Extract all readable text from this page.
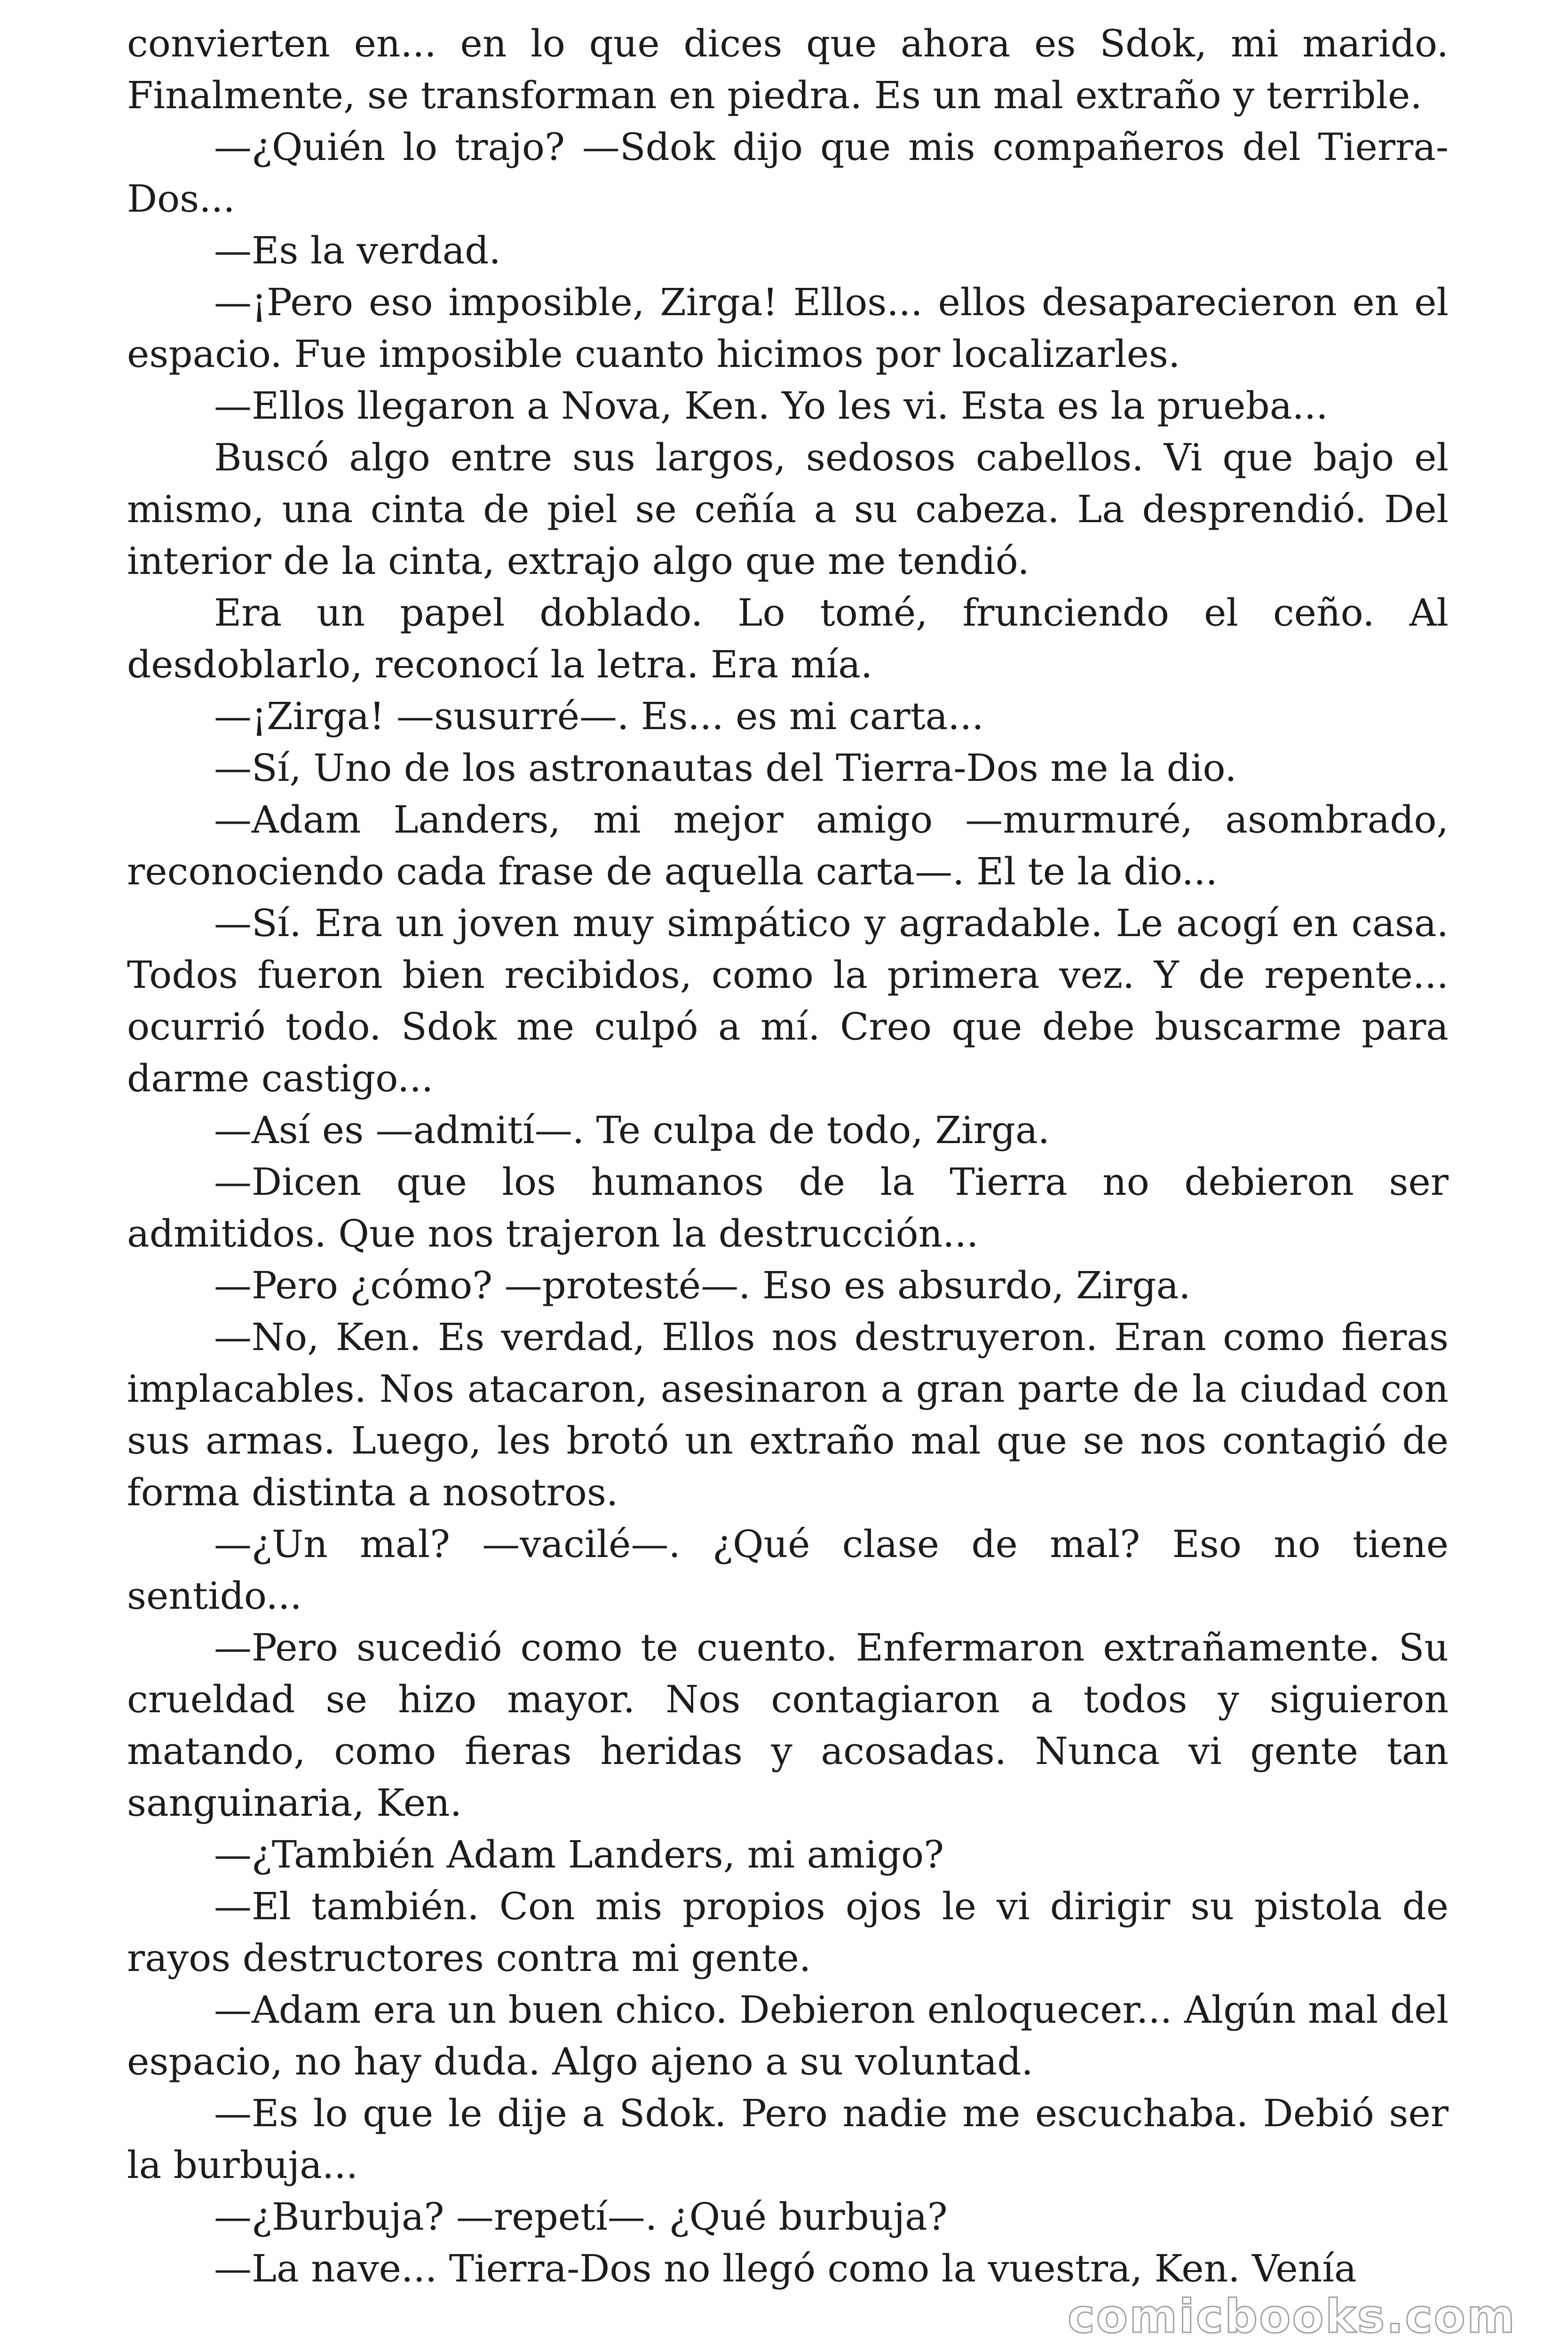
convierten en... en lo que dices que ahora es Sdok, mi marido. Finalmente, se transforman en piedra. Es un mal extraño y terrible.

—¿Quién lo trajo? —Sdok dijo que mis compañeros del Tierra-Dos...

—Es la verdad.

—¡Pero eso imposible, Zirga! Ellos... ellos desaparecieron en el espacio. Fue imposible cuanto hicimos por localizarles.

—Ellos llegaron a Nova, Ken. Yo les vi. Esta es la prueba...

Buscó algo entre sus largos, sedosos cabellos. Vi que bajo el mismo, una cinta de piel se ceñía a su cabeza. La desprendió. Del interior de la cinta, extrajo algo que me tendió.

Era un papel doblado. Lo tomé, frunciendo el ceño. Al desdoblarlo, reconocí la letra. Era mía.

—¡Zirga! —susurré—. Es... es mi carta...

—Sí, Uno de los astronautas del Tierra-Dos me la dio.

—Adam Landers, mi mejor amigo —murmuré, asombrado, reconociendo cada frase de aquella carta—. El te la dio...

—Sí. Era un joven muy simpático y agradable. Le acogí en casa. Todos fueron bien recibidos, como la primera vez. Y de repente... ocurrió todo. Sdok me culpó a mí. Creo que debe buscarme para darme castigo...

—Así es —admití—. Te culpa de todo, Zirga.

—Dicen que los humanos de la Tierra no debieron ser admitidos. Que nos trajeron la destrucción...

—Pero ¿cómo? —protesté—. Eso es absurdo, Zirga.

—No, Ken. Es verdad, Ellos nos destruyeron. Eran como fieras implacables. Nos atacaron, asesinaron a gran parte de la ciudad con sus armas. Luego, les brotó un extraño mal que se nos contagió de forma distinta a nosotros.

—¿Un mal? —vacilé—. ¿Qué clase de mal? Eso no tiene sentido...

—Pero sucedió como te cuento. Enfermaron extrañamente. Su crueldad se hizo mayor. Nos contagiaron a todos y siguieron matando, como fieras heridas y acosadas. Nunca vi gente tan sanguinaria, Ken.

—¿También Adam Landers, mi amigo?

—El también. Con mis propios ojos le vi dirigir su pistola de rayos destructores contra mi gente.

—Adam era un buen chico. Debieron enloquecer... Algún mal del espacio, no hay duda. Algo ajeno a su voluntad.

—Es lo que le dije a Sdok. Pero nadie me escuchaba. Debió ser la burbuja...

—¿Burbuja? —repetí—. ¿Qué burbuja?

—La nave... Tierra-Dos no llegó como la vuestra, Ken. Venía

comicbooks.com
